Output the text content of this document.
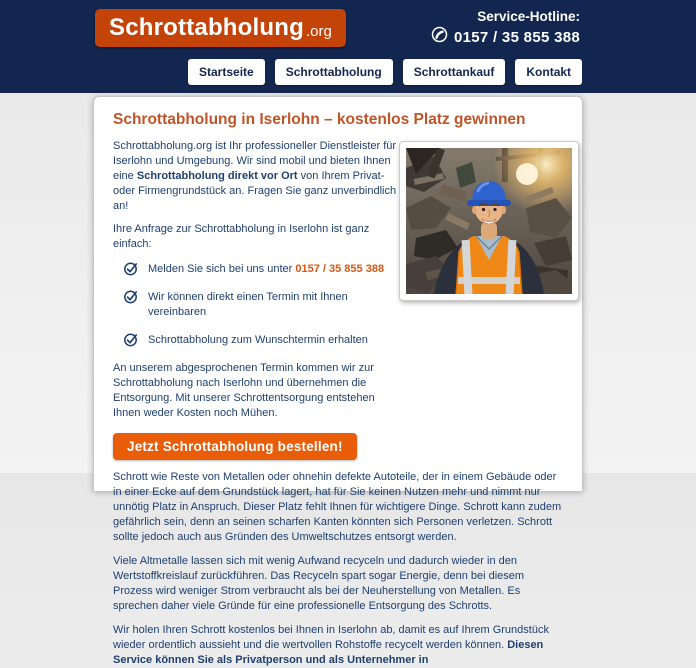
Schrottabholung .org
Service-Hotline:
0157 / 35 855 388
Startseite	Schrottabholung	Schrottankauf	Kontakt
Schrottabholung in Iserlohn – kostenlos Platz gewinnen

Schrottabholung.org ist Ihr professioneller Dienstleister für Iserlohn und Umgebung. Wir sind mobil und bieten Ihnen eine Schrottabholung direkt vor Ort von Ihrem Privat- oder Firmengrundstück an. Fragen Sie ganz unverbindlich an!

Ihre Anfrage zur Schrottabholung in Iserlohn ist ganz einfach:

Melden Sie sich bei uns unter 0157 / 35 855 388
Wir können direkt einen Termin mit Ihnen vereinbaren
Schrottabholung zum Wunschtermin erhalten

An unserem abgesprochenen Termin kommen wir zur Schrottabholung nach Iserlohn und übernehmen die Entsorgung. Mit unserer Schrottentsorgung entstehen Ihnen weder Kosten noch Mühen.

Jetzt Schrottabholung bestellen!

Schrott wie Reste von Metallen oder ohnehin defekte Autoteile, der in einem Gebäude oder in einer Ecke auf dem Grundstück lagert, hat für Sie keinen Nutzen mehr und nimmt nur unnötig Platz in Anspruch. Dieser Platz fehlt Ihnen für wichtigere Dinge. Schrott kann zudem gefährlich sein, denn an seinen scharfen Kanten könnten sich Personen verletzen. Schrott sollte jedoch auch aus Gründen des Umweltschutzes entsorgt werden.

Viele Altmetalle lassen sich mit wenig Aufwand recyceln und dadurch wieder in den Wertstoffkreislauf zurückführen. Das Recyceln spart sogar Energie, denn bei diesem Prozess wird weniger Strom verbraucht als bei der Neuherstellung von Metallen. Es sprechen daher viele Gründe für eine professionelle Entsorgung des Schrotts.

Wir holen Ihren Schrott kostenlos bei Ihnen in Iserlohn ab, damit es auf Ihrem Grundstück wieder ordentlich aussieht und die wertvollen Rohstoffe recycelt werden können. Diesen Service können Sie als Privatperson und als Unternehmer in
